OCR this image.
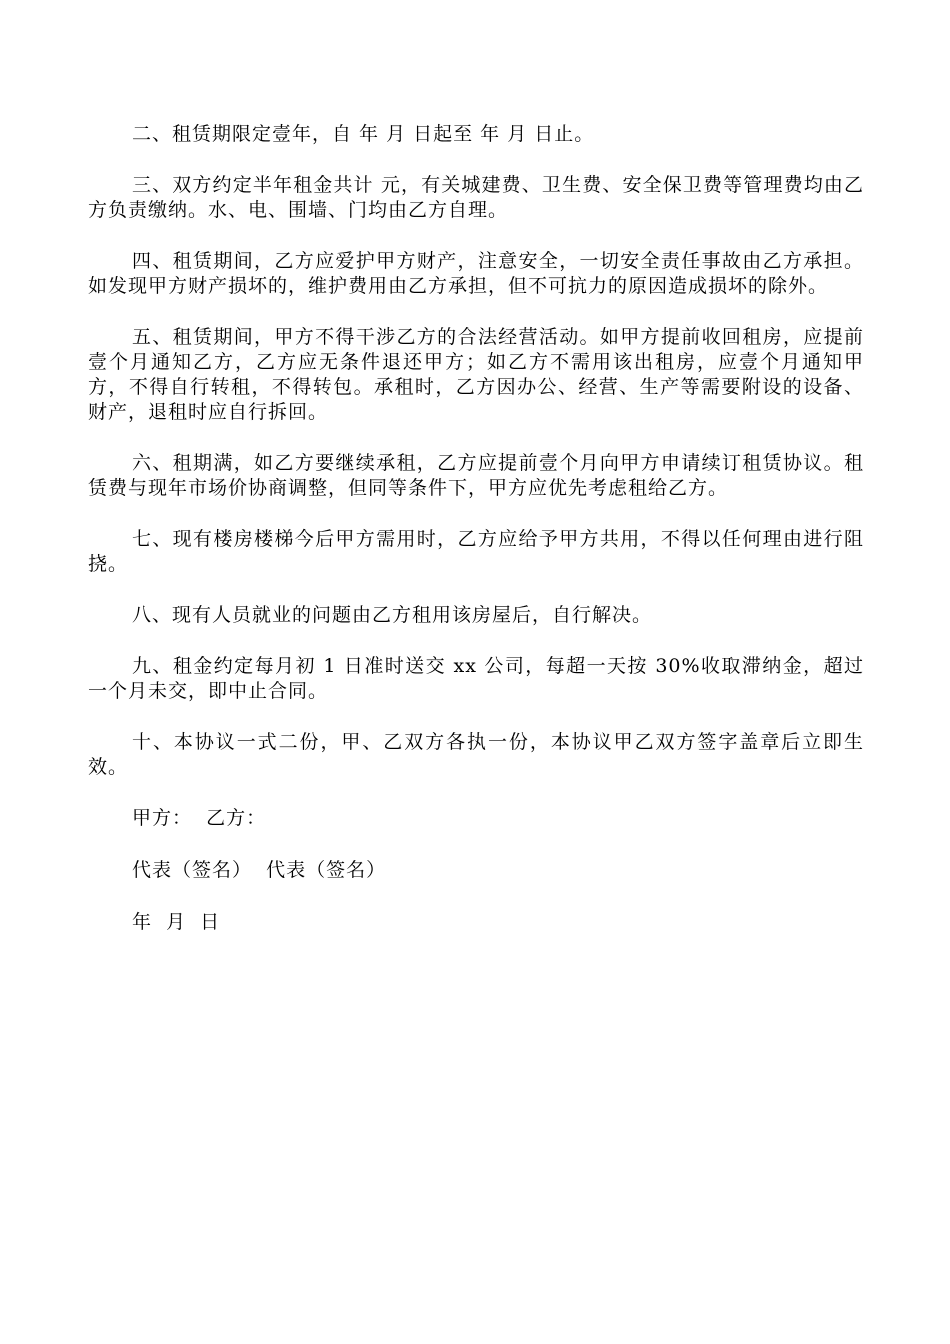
二、租赁期限定壹年，自 年 月 日起至 年 月 日止。

三、双方约定半年租金共计 元，有关城建费、卫生费、安全保卫费等管理费均由乙方负责缴纳。水、电、围墙、门均由乙方自理。

四、租赁期间，乙方应爱护甲方财产，注意安全，一切安全责任事故由乙方承担。如发现甲方财产损坏的，维护费用由乙方承担，但不可抗力的原因造成损坏的除外。

五、租赁期间，甲方不得干涉乙方的合法经营活动。如甲方提前收回租房，应提前壹个月通知乙方，乙方应无条件退还甲方；如乙方不需用该出租房，应壹个月通知甲方，不得自行转租，不得转包。承租时，乙方因办公、经营、生产等需要附设的设备、财产，退租时应自行拆回。

六、租期满，如乙方要继续承租，乙方应提前壹个月向甲方申请续订租赁协议。租赁费与现年市场价协商调整，但同等条件下，甲方应优先考虑租给乙方。

七、现有楼房楼梯今后甲方需用时，乙方应给予甲方共用，不得以任何理由进行阻挠。

八、现有人员就业的问题由乙方租用该房屋后，自行解决。

九、租金约定每月初 1 日准时送交 xx 公司，每超一天按 30%收取滞纳金，超过一个月未交，即中止合同。

十、本协议一式二份，甲、乙双方各执一份，本协议甲乙双方签字盖章后立即生效。

甲方：  乙方：

代表（签名）  代表（签名）

年  月  日
